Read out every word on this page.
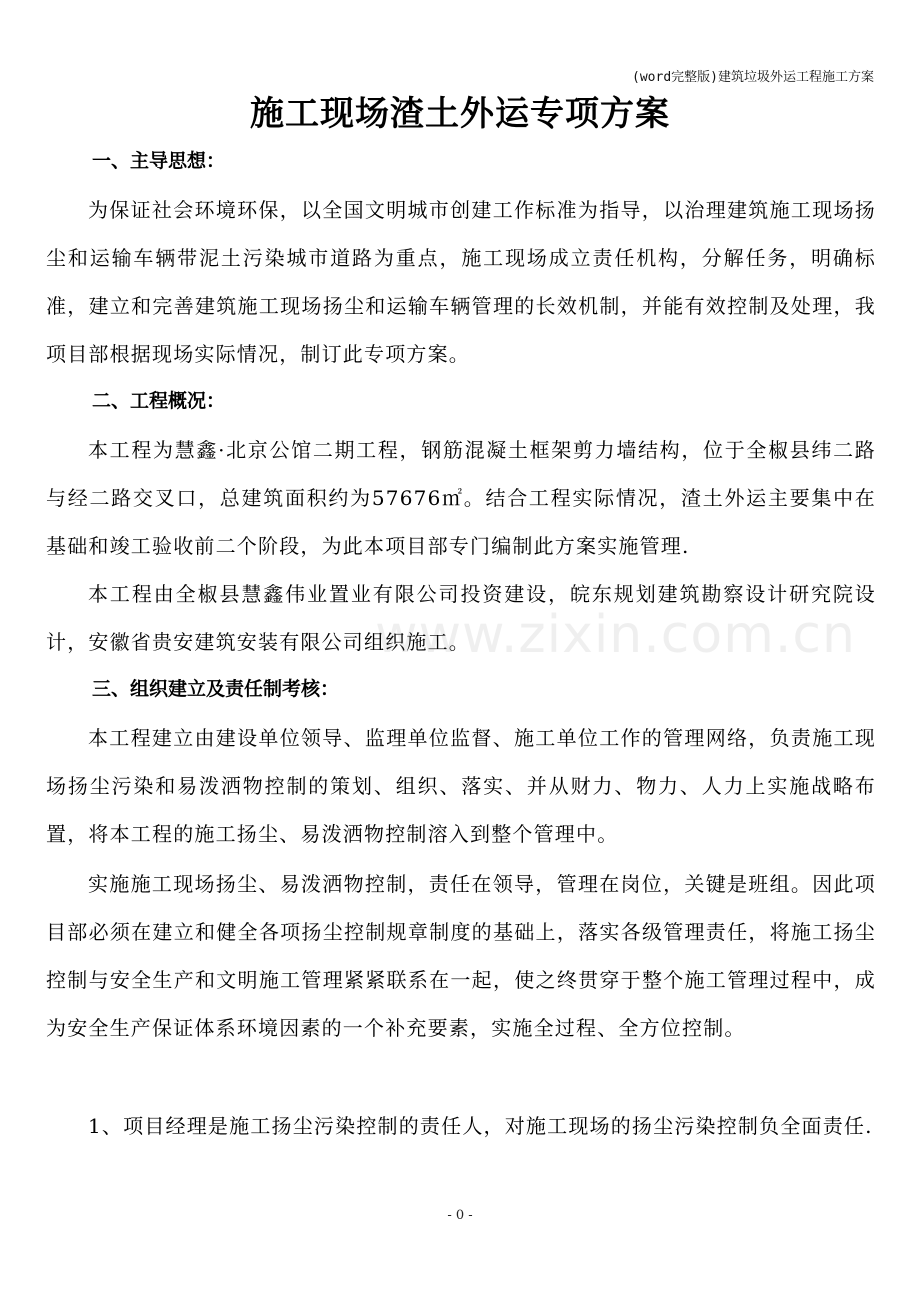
(word完整版)建筑垃圾外运工程施工方案
施工现场渣土外运专项方案
一、主导思想：

为保证社会环境环保，以全国文明城市创建工作标准为指导，以治理建筑施工现场扬尘和运输车辆带泥土污染城市道路为重点，施工现场成立责任机构，分解任务，明确标准，建立和完善建筑施工现场扬尘和运输车辆管理的长效机制，并能有效控制及处理，我项目部根据现场实际情况，制订此专项方案。

二、工程概况：

本工程为慧鑫·北京公馆二期工程，钢筋混凝土框架剪力墙结构，位于全椒县纬二路与经二路交叉口，总建筑面积约为57676㎡。结合工程实际情况，渣土外运主要集中在基础和竣工验收前二个阶段，为此本项目部专门编制此方案实施管理.

本工程由全椒县慧鑫伟业置业有限公司投资建设，皖东规划建筑勘察设计研究院设计，安徽省贵安建筑安装有限公司组织施工。

www.zixin.com.cn
三、组织建立及责任制考核：

本工程建立由建设单位领导、监理单位监督、施工单位工作的管理网络，负责施工现场扬尘污染和易泼洒物控制的策划、组织、落实、并从财力、物力、人力上实施战略布置，将本工程的施工扬尘、易泼洒物控制溶入到整个管理中。

实施施工现场扬尘、易泼洒物控制，责任在领导，管理在岗位，关键是班组。因此项目部必须在建立和健全各项扬尘控制规章制度的基础上，落实各级管理责任，将施工扬尘控制与安全生产和文明施工管理紧紧联系在一起，使之终贯穿于整个施工管理过程中，成为安全生产保证体系环境因素的一个补充要素，实施全过程、全方位控制。

1、项目经理是施工扬尘污染控制的责任人，对施工现场的扬尘污染控制负全面责任.

- 0 -
